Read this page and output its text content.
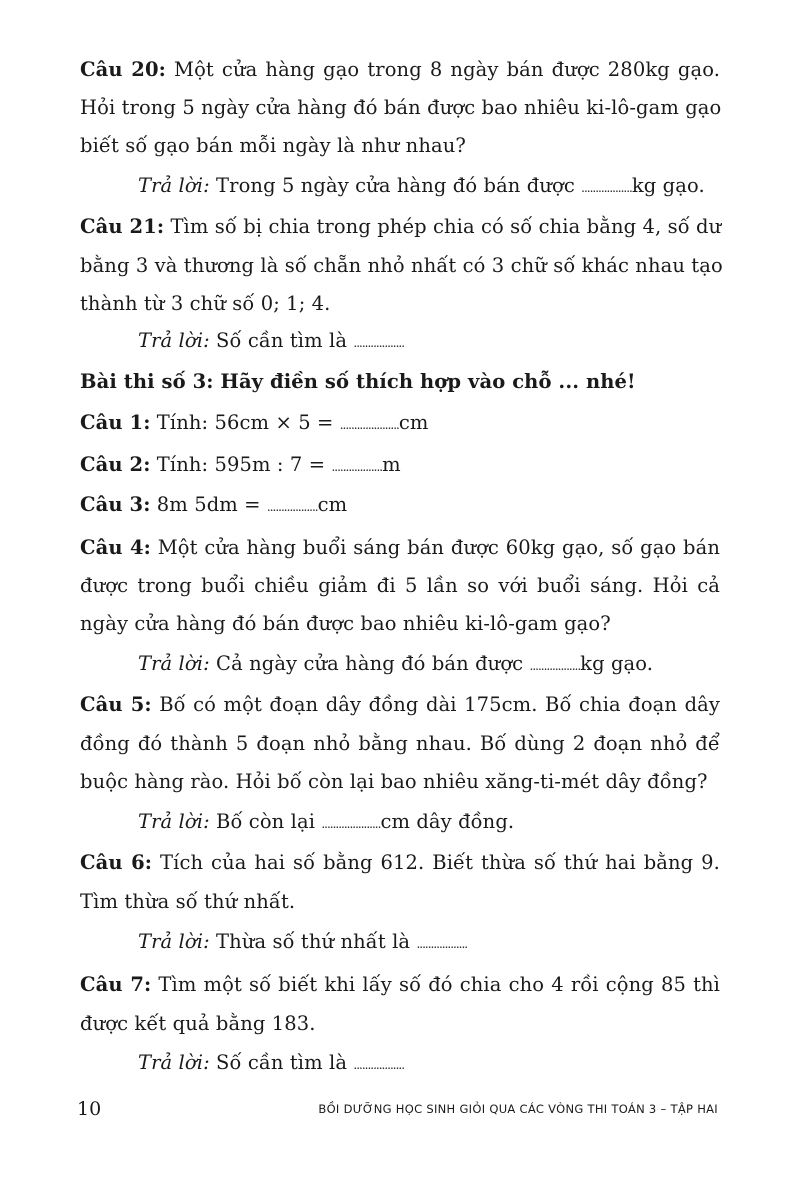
Câu 20: Một cửa hàng gạo trong 8 ngày bán được 280kg gạo.
Hỏi trong 5 ngày cửa hàng đó bán được bao nhiêu ki-lô-gam gạo
biết số gạo bán mỗi ngày là như nhau?
Trả lời: Trong 5 ngày cửa hàng đó bán được ..................kg gạo.
Câu 21: Tìm số bị chia trong phép chia có số chia bằng 4, số dư
bằng 3 và thương là số chẵn nhỏ nhất có 3 chữ số khác nhau tạo
thành từ 3 chữ số 0; 1; 4.
Trả lời: Số cần tìm là ..................
Bài thi số 3: Hãy điền số thích hợp vào chỗ ... nhé!
Câu 1: Tính: 56cm × 5 = .....................cm
Câu 2: Tính: 595m : 7 = ..................m
Câu 3: 8m 5dm = ..................cm
Câu 4: Một cửa hàng buổi sáng bán được 60kg gạo, số gạo bán
được trong buổi chiều giảm đi 5 lần so với buổi sáng. Hỏi cả
ngày cửa hàng đó bán được bao nhiêu ki-lô-gam gạo?
Trả lời: Cả ngày cửa hàng đó bán được ..................kg gạo.
Câu 5: Bố có một đoạn dây đồng dài 175cm. Bố chia đoạn dây
đồng đó thành 5 đoạn nhỏ bằng nhau. Bố dùng 2 đoạn nhỏ để
buộc hàng rào. Hỏi bố còn lại bao nhiêu xăng-ti-mét dây đồng?
Trả lời: Bố còn lại .....................cm dây đồng.
Câu 6: Tích của hai số bằng 612. Biết thừa số thứ hai bằng 9.
Tìm thừa số thứ nhất.
Trả lời: Thừa số thứ nhất là ..................
Câu 7: Tìm một số biết khi lấy số đó chia cho 4 rồi cộng 85 thì
được kết quả bằng 183.
Trả lời: Số cần tìm là ..................
10	BỒI DƯỠNG HỌC SINH GIỎI QUA CÁC VÒNG THI TOÁN 3 – TẬP HAI
